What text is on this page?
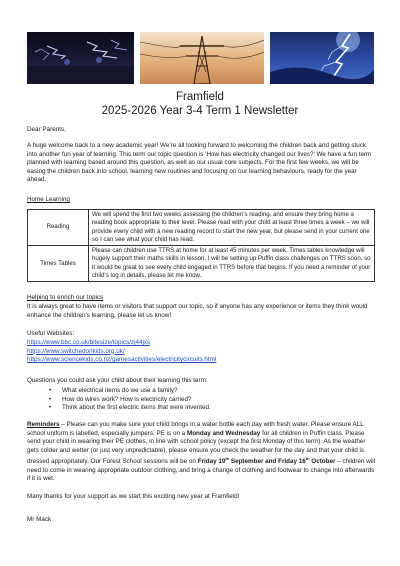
Framfield
2025-2026 Year 3-4 Term 1 Newsletter
Dear Parents,
A huge welcome back to a new academic year! We’re all looking forward to welcoming the children back and getting stuck into another fun year of learning. This term our topic question is ‘How has electricity changed our lives?’ We have a fun term planned with learning based around this question, as well as our usual core subjects. For the first few weeks, we will be easing the children back into school, learning new routines and focusing on our learning behaviours, ready for the year ahead.
Home Learning
Reading	We will spend the first two weeks assessing the children’s reading, and ensure they bring home a reading book appropriate to their level. Please read with your child at least three times a week – we will provide every child with a new reading record to start the new year, but please send in your current one so I can see what your child has read.
Times Tables	Please can children use TTRS at home for at least 45 minutes per week. Times tables knowledge will hugely support their maths skills in lesson. I will be setting up Puffin class challenges on TTRS soon, so it would be great to see every child engaged in TTRS before that begins. If you need a reminder of your child’s log in details, please let me know.
Helping to enrich our topics
It is always great to have items or visitors that support our topic, so if anyone has any experience or items they think would enhance the children’s learning, please let us know!
Useful Websites:
https://www.bbc.co.uk/bitesize/topics/zj44jxs
https://www.switchedonkids.org.uk/
https://www.sciencekids.co.nz/gamesactivities/electricitycircuits.html
Questions you could ask your child about their learning this term:
• What electrical items do we use a family?
• How do wires work? How is electricity carried?
• Think about the first electric items that were invented.
Reminders – Please can you make sure your child brings in a water bottle each day with fresh water. Please ensure ALL school uniform is labelled, especially jumpers. PE is on a Monday and Wednesday for all children in Puffin class. Please send your child in wearing their PE clothes, in line with school policy (except the first Monday of this term). As the weather gets colder and wetter (or just very unpredictable), please ensure you check the weather for the day and that your child is dressed appropriately. Our Forest School sessions will be on Friday 19th September and Friday 16th October – children will need to come in wearing appropriate outdoor clothing, and bring a change of clothing and footwear to change into afterwards if it is wet.
Many thanks for your support as we start this exciting new year at Framfield!
Mr Mack
